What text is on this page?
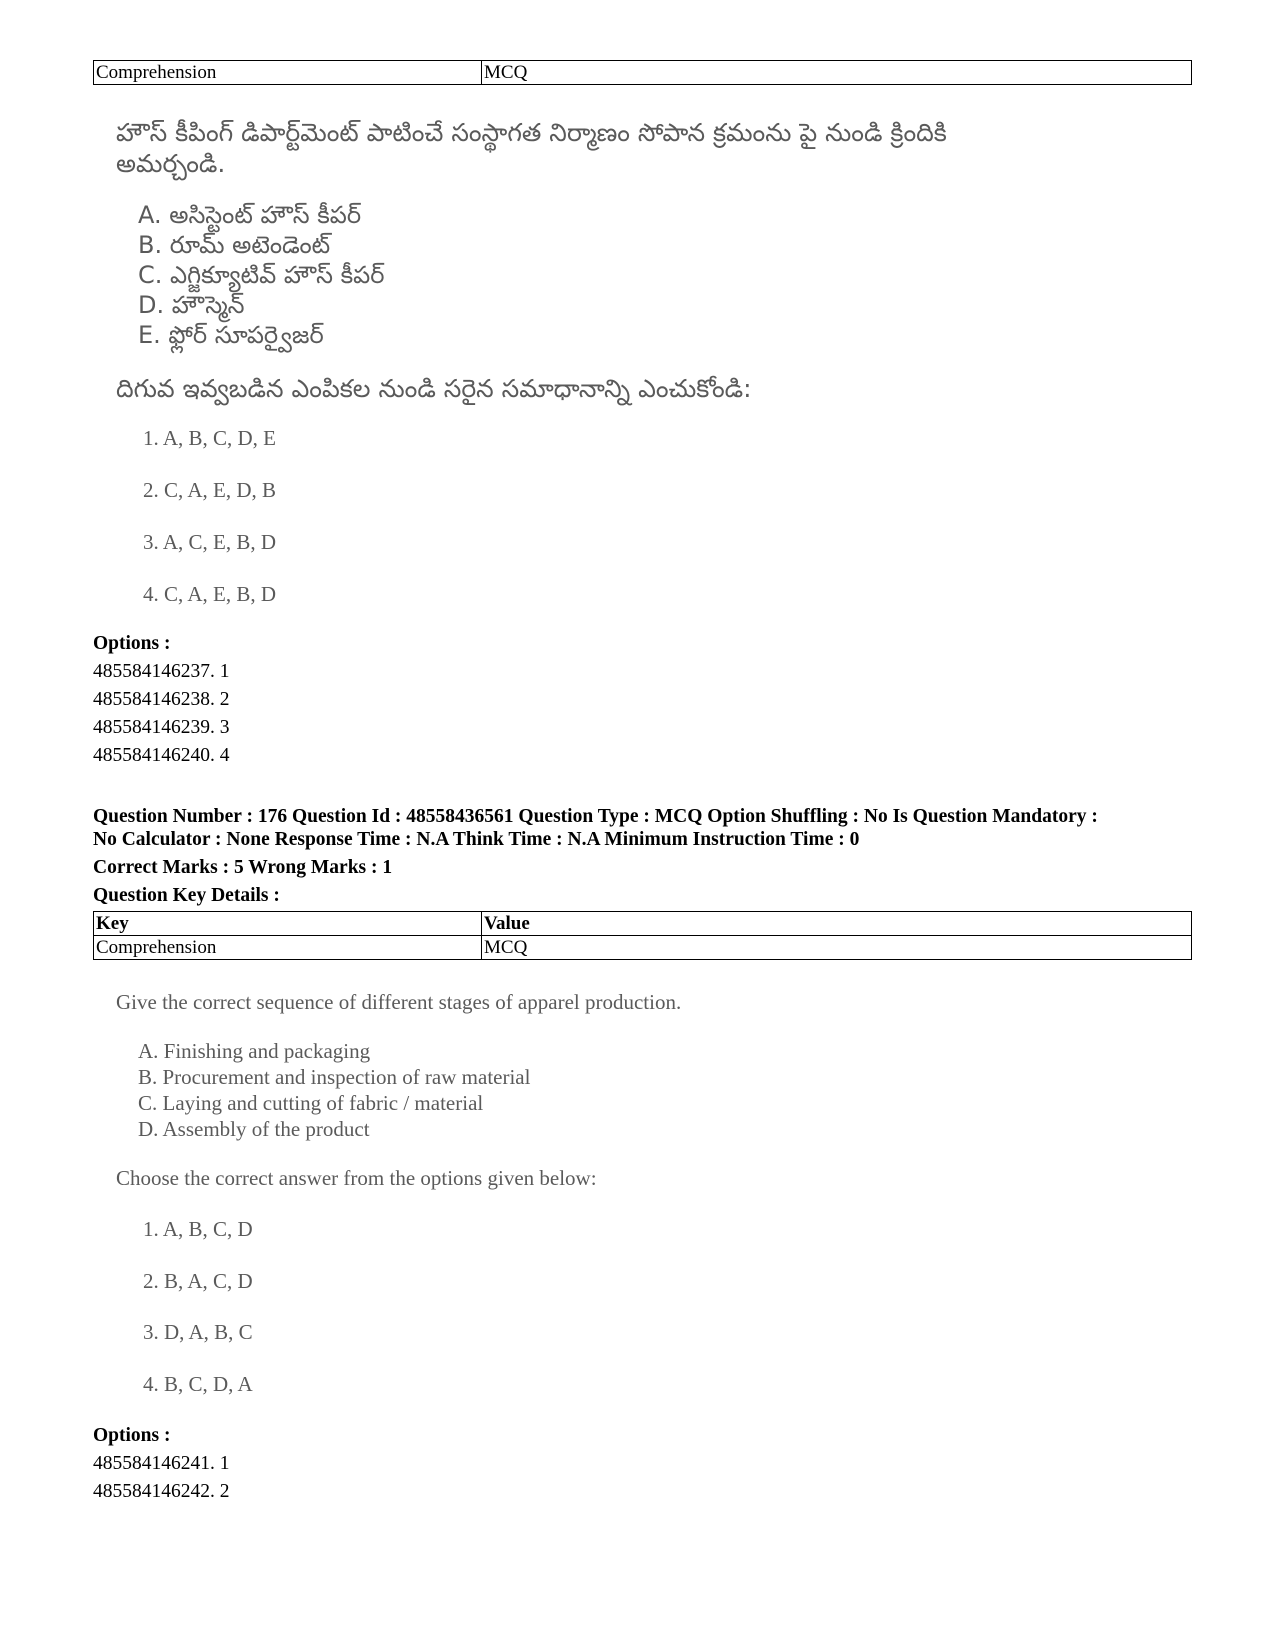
Comprehension	MCQ
హౌస్ కీపింగ్ డిపార్ట్‌మెంట్ పాటించే సంస్థాగత నిర్మాణం సోపాన క్రమంను పై నుండి క్రిందికి
అమర్చండి.
A. అసిస్టెంట్ హౌస్ కీపర్
B. రూమ్ అటెండెంట్
C. ఎగ్జిక్యూటివ్ హౌస్ కీపర్
D. హౌస్మెన్
E. ఫ్లోర్ సూపర్వైజర్
దిగువ ఇవ్వబడిన ఎంపికల నుండి సరైన సమాధానాన్ని ఎంచుకోండి:
1. A, B, C, D, E
2. C, A, E, D, B
3. A, C, E, B, D
4. C, A, E, B, D
Options :
485584146237. 1
485584146238. 2
485584146239. 3
485584146240. 4
Question Number : 176 Question Id : 48558436561 Question Type : MCQ Option Shuffling : No Is Question Mandatory :
No Calculator : None Response Time : N.A Think Time : N.A Minimum Instruction Time : 0
Correct Marks : 5 Wrong Marks : 1
Question Key Details :
Key	Value
Comprehension	MCQ
Give the correct sequence of different stages of apparel production.
A. Finishing and packaging
B. Procurement and inspection of raw material
C. Laying and cutting of fabric / material
D. Assembly of the product
Choose the correct answer from the options given below:
1. A, B, C, D
2. B, A, C, D
3. D, A, B, C
4. B, C, D, A
Options :
485584146241. 1
485584146242. 2
